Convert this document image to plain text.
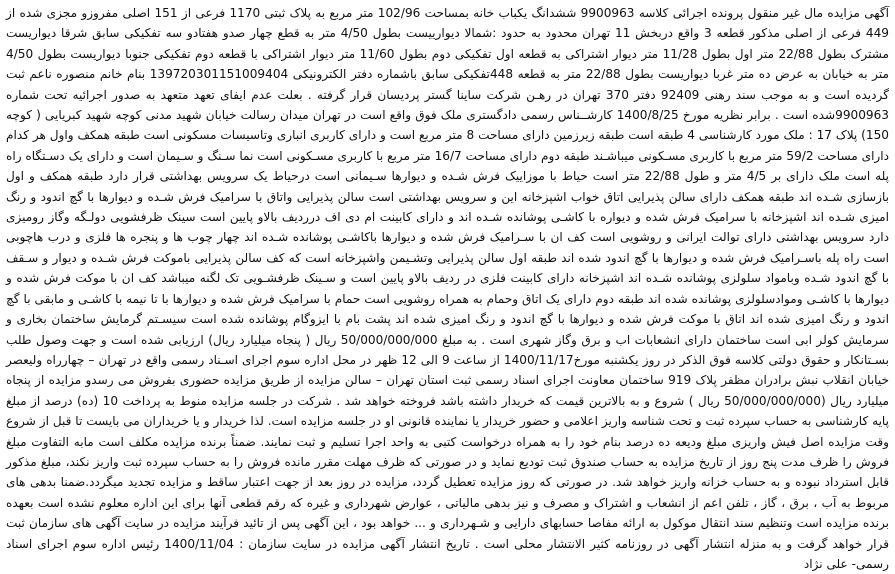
آگهی مزایده مال غیر منقول پرونده اجرائی کلاسه 9900963 ششدانگ یکباب خانه بمساحت 102/96 متر مربع به پلاک ثبتی 1170 فرعی از 151 اصلی مفروزو مجزی شده از 449 فرعی از اصلی مذکور قطعه 3 واقع دربخش 11 تهران محدود به حدود :شمالا دیوارییست بطول 4/50 متر به قطع چهار صدو هفتادو سه تفکیکی سابق شرقا دیواریست مشترک بطول 22/88 متر اول بطول 11/28 متر دیوار اشتراکی به قطعه اول تفکیکی دوم بطول 11/60 متر دیوار اشتراکی با قطعه دوم تفکیکی جنوبا دیواریست بطول 4/50 متر به خیابان به عرض ده متر غربا دیواریست بطول 22/88 متر به قطعه 448تفکیکی سابق باشماره دفتر الکترونیکی 13972030115100940​4 بنام خانم منصوره ناعم ثبت گردیده است و به موجب سند رهنی 92409 دفتر 370 تهران در رهـن شرکت ساینا گستر پردیسان قرار گرفته . بعلت عدم ایفای تعهد متعهد به صدور اجرائیه تحت شماره 9900963شده است . برابر نظریه مورخ 1400/8/25 کارشــناس رسمی دادگستری ملک فوق واقع است در تهران میدان رسالت خیابان شهید مدنی کوچه شهید کبریایی ( کوچه 150) پلاک 17 : ملک مورد کارشناسی 4 طبقه است طبقه زیرزمین دارای مساحت 8 متر مربع است و دارای کاربری انباری وتاسیسات مسکونی است طبقه همکف واول هر کدام دارای مساحت 59/2 متر مربع با کاربری مسـکونی میباشـند طبقه دوم دارای مساحت 16/7 متر مربع با کاربری مسـکونی است نما سـنگ و سـیمان است و دارای یک دسـتگاه راه پله است ملک دارای بر 4/5 متر و طول 22/88 متر است حیاط با موزاییک فرش شـده و دیوارها سـیمانی است درحیاط یک سرویس بهداشتی قرار دارد طبقه همکف و اول بازسازی شـده اند طبقه همکف دارای سالن پذیرایی اتاق خواب اشپزخانه این و سرویس بهداشتی است سالن پذیرایی واتاق با سرامیک فرش شـده و دیوارها با گچ اندود و رنگ امیزی شـده اند اشپزخانه با سرامیک فرش شده و دیواره با کاشـی پوشانده شـده اند و دارای کابینت ام دی اف درردیف بالاو پایین است سینک ظرفشویی دولـگه وگاز رومیزی دارد سرویس بهداشتی دارای توالت ایرانی و روشویی است کف ان با سـرامیک فرش شده و دیوارها باکاشـی پوشانده شـده اند چهار چوب ها و پنجره ها فلزی و درب هاچوبی است راه پله باسـرامیک فرش شده و دیوارها با گچ اندود شده اند طبقه اول سالن پذیرایی وتشـیمن واشپزخانه است که کف سالن پذیرایی باموکت فرش شـده و دیوار و سـقف با گچ اندود شـده وبامواد سلولزی پوشانده شـده اند اشپزخانه دارای کابینت فلزی در ردیف بالاو پایین است و سـینک ظرفشـویی تک لگنه میباشد کف ان با موکت فرش شده و دیوارها با کاشـی وموادسلولزی پوشانده شده اند طبقه دوم دارای یک اتاق وحمام به همراه روشویی است حمام با سرامیک فرش شده و دیوارها با تا نیمه با کاشـی و مابقی با گچ اندود و رنگ امیزی شده اند اتاق با موکت فرش شده و دیوارها با گچ اندود و رنگ امیزی شده اند پشت بام با ایزوگام پوشانده شده است سیسـتم گرمایش ساختمان بخاری و سرمایش کولر ابی است ساختمان دارای انشعابات اب و برق وگاز شهری است . به مبلغ 50/000/000/000 ریال ( پنجاه میلیارد ریال) ارزیابی شده است و جهت وصول طلب بسـتانکار و حقوق دولتی کلاسه فوق الذکر در روز یکشنبه مورخ1400/11/17 از ساعت 9 الی 12 ظهر در محل اداره سوم اجرای اسـناد رسمی واقع در تهران – چهارراه ولیعصر خیابان انقلاب نبش برادران مظفر پلاک 919 ساختمان معاونت اجرای اسناد رسمی ثبت استان تهران – سالن مزایده از طریق مزایده حضوری بفروش می رسدو مزایده از پنجاه میلیارد ریال (50/000/000/000 ریال ) شروع و به بالاترین قیمت که خریدار داشته باشد فروخته خواهد شد . شرکت در جلسه مزایده منوط به پرداخت 10 (ده) درصد از مبلغ پایه کارشناسی به حساب سپرده ثبت و تحت شناسه واریز اعلامی و حضور خریدار یا نماینده قانونی او در جلسه مزایده است. لذا خریدار و یا خریداران می بایست تا قبل از شروع وقت مزایده اصل فیش واریزی مبلغ ودیعه ده درصد بنام خود را به همراه درخواست کتبی به واحد اجرا تسلیم و ثبت نمایند. ضمناً برنده مزایده مکلف است مابه التفاوت مبلغ فروش را ظرف مدت پنج روز از تاریخ مزایده به حساب صندوق ثبت تودیع نماید و در صورتی که ظرف مهلت مقرر مانده فروش را به حساب سپرده ثبت واریز نکند، مبلغ مذکور قابل استرداد نبوده و به حساب خزانه واریز خواهد شد. در صورتی که روز مزایده تعطیل گردد، مزایده در روز بعد از جهت اعتبار ساقط و مزایده تجدید میگردد.ضمنا بدهی های مربوط به آب ، برق ، گاز ، تلفن اعم از انشعاب و اشتراک و مصرف و نیز بدهی مالیاتی ، عوارض شهرداری و غیره که رقم قطعی آنها برای این اداره معلوم نشده است بعهده برنده مزایده است وتنظیم سند انتقال موکول به ارائه مفاصا حسابهای دارایی و شـهرداری و ... خواهد بود ، این آگهی پس از تائید فرآیند مزایده در سایت آگهی های سازمان ثبت قرار خواهد گرفت و به منزله انتشار آگهی در روزنامه کثیر الانتشار محلی است . تاریخ انتشار آگهی مزایده در سایت سازمان : 1400/11/04 رئیس اداره سوم اجرای اسناد رسمی- علی نژاد
